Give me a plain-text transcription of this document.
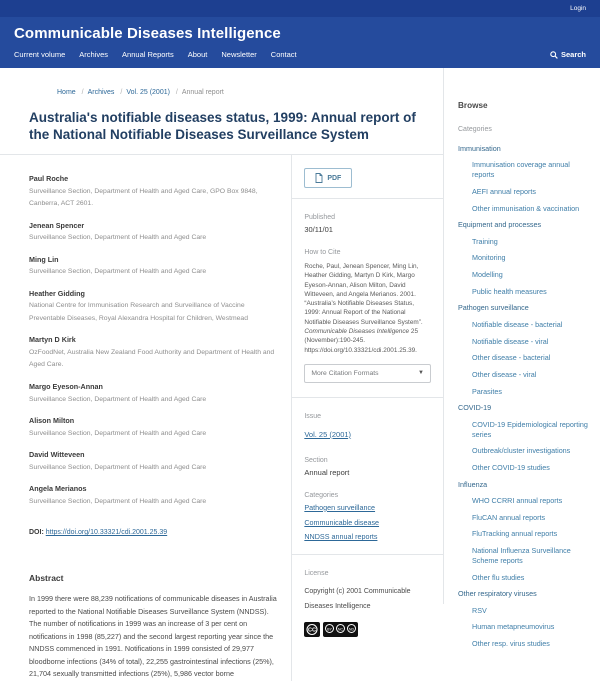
Login
Communicable Diseases Intelligence
Current volume Archives Annual Reports About Newsletter Contact	Search
Home / Archives / Vol. 25 (2001) / Annual report
Australia's notifiable diseases status, 1999: Annual report of the National Notifiable Diseases Surveillance System
Paul Roche
Surveillance Section, Department of Health and Aged Care, GPO Box 9848, Canberra, ACT 2601.
Jenean Spencer
Surveillance Section, Department of Health and Aged Care
Ming Lin
Surveillance Section, Department of Health and Aged Care
Heather Gidding
National Centre for Immunisation Research and Surveillance of Vaccine Preventable Diseases, Royal Alexandra Hospital for Children, Westmead
Martyn D Kirk
OzFoodNet, Australia New Zealand Food Authority and Department of Health and Aged Care.
Margo Eyeson-Annan
Surveillance Section, Department of Health and Aged Care
Alison Milton
Surveillance Section, Department of Health and Aged Care
David Witteveen
Surveillance Section, Department of Health and Aged Care
Angela Merianos
Surveillance Section, Department of Health and Aged Care
DOI: https://doi.org/10.33321/cdi.2001.25.39
Abstract

In 1999 there were 88,239 notifications of communicable diseases in Australia reported to the National Notifiable Diseases Surveillance System (NNDSS). The number of notifications in 1999 was an increase of 3 per cent on notifications in 1998 (85,227) and the second largest reporting year since the NNDSS commenced in 1991. Notifications in 1999 consisted of 29,977 bloodborne infections (34% of total), 22,255 gastrointestinal infections (25%), 21,704 sexually transmitted infections (25%), 5,986 vector borne

PDF
Published
30/11/01
How to Cite

Roche, Paul, Jenean Spencer, Ming Lin, Heather Gidding, Martyn D Kirk, Margo Eyeson-Annan, Alison Milton, David Witteveen, and Angela Merianos. 2001. “Australia’s Notifiable Diseases Status, 1999: Annual Report of the National Notifiable Diseases Surveillance System”. Communicable Diseases Intelligence 25 (November):190-245. https://doi.org/10.33321/cdi.2001.25.39.

More Citation Formats	▼
Issue
Vol. 25 (2001)
Section
Annual report
Categories
Pathogen surveillance
Communicable disease
NNDSS annual reports
License

Copyright (c) 2001 Communicable Diseases Intelligence

CC	BY NC ND
Browse
Categories
Immunisation
Immunisation coverage annual reports
AEFI annual reports
Other immunisation & vaccination
Equipment and processes
Training
Monitoring
Modelling
Public health measures
Pathogen surveillance
Notifiable disease - bacterial
Notifiable disease - viral
Other disease - bacterial
Other disease - viral
Parasites
COVID-19
COVID-19 Epidemiological reporting series
Outbreak/cluster investigations
Other COVID-19 studies
Influenza
WHO CCRRI annual reports
FluCAN annual reports
FluTracking annual reports
National Influenza Surveillance Scheme reports
Other flu studies
Other respiratory viruses
RSV
Human metapneumovirus
Other resp. virus studies
